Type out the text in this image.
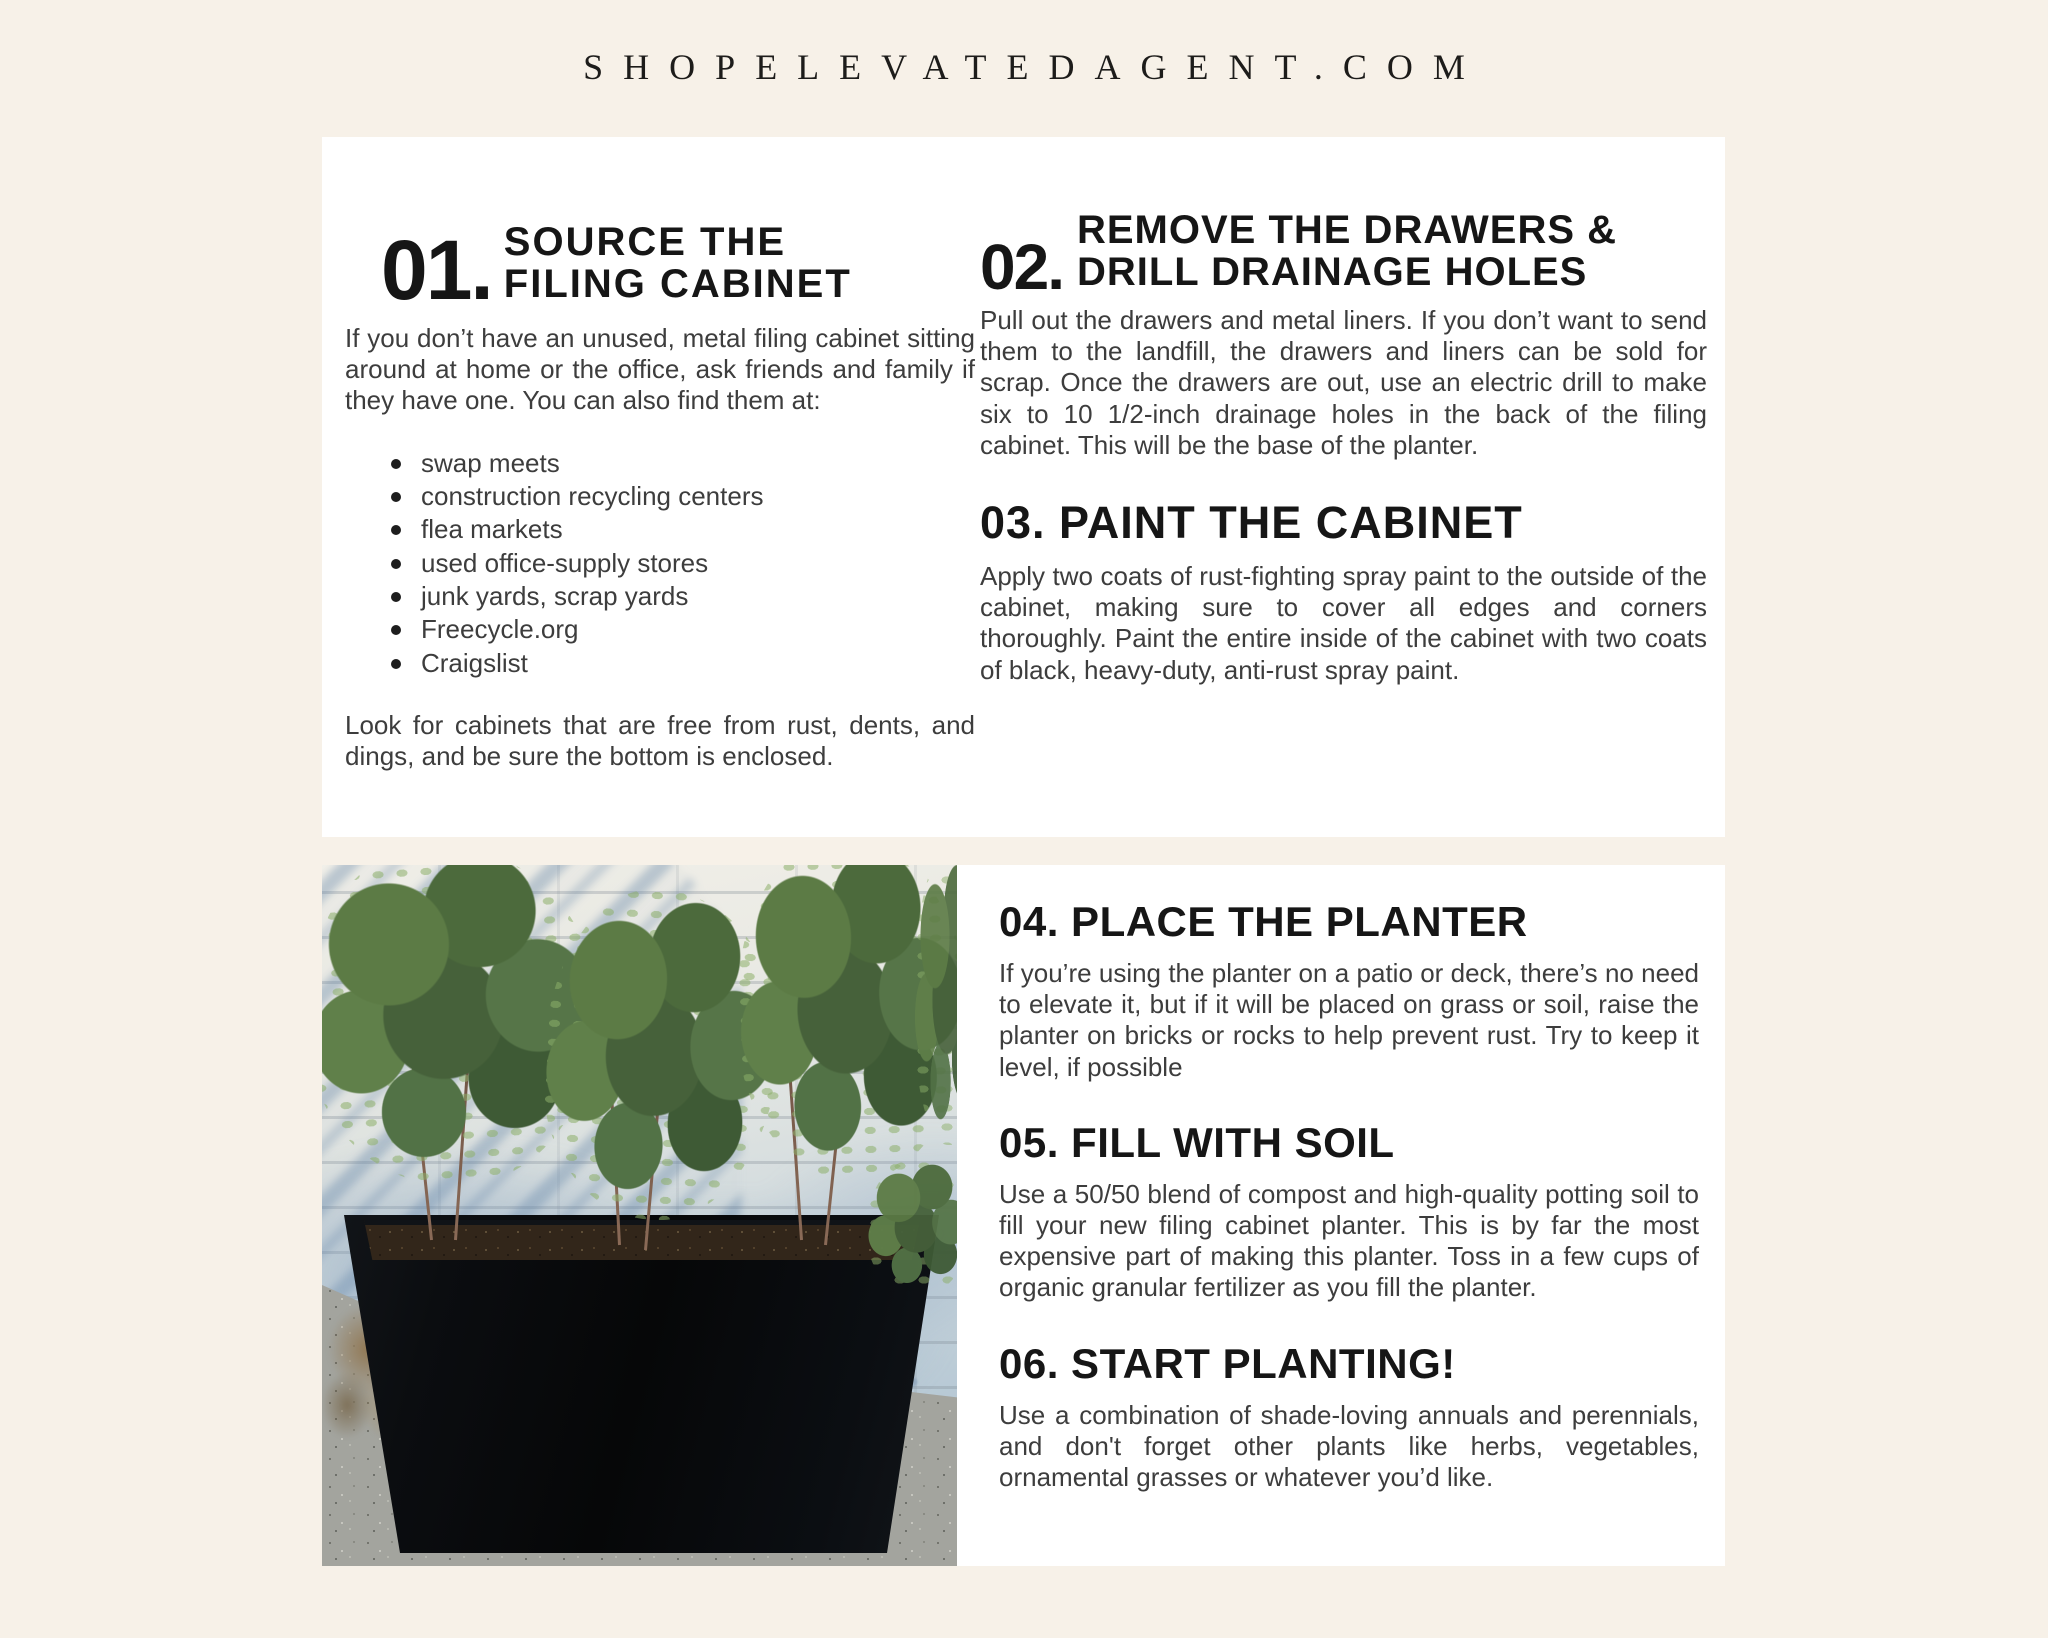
SHOPELEVATEDAGENT.COM
01. SOURCE THE
FILING CABINET

If you don’t have an unused, metal filing cabinet sitting around at home or the office, ask friends and family if they have one. You can also find them at:

swap meets
construction recycling centers
flea markets
used office-supply stores
junk yards, scrap yards
Freecycle.org
Craigslist

Look for cabinets that are free from rust, dents, and dings, and be sure the bottom is enclosed.

02.
REMOVE THE DRAWERS &
DRILL DRAINAGE HOLES

Pull out the drawers and metal liners. If you don’t want to send them to the landfill, the drawers and liners can be sold for scrap. Once the drawers are out, use an electric drill to make six to 10 1/2-inch drainage holes in the back of the filing cabinet. This will be the base of the planter.

03. PAINT THE CABINET

Apply two coats of rust-fighting spray paint to the outside of the cabinet, making sure to cover all edges and corners thoroughly. Paint the entire inside of the cabinet with two coats of black, heavy-duty, anti-rust spray paint.

04. PLACE THE PLANTER

If you’re using the planter on a patio or deck, there’s no need to elevate it, but if it will be placed on grass or soil, raise the planter on bricks or rocks to help prevent rust. Try to keep it level, if possible

05. FILL WITH SOIL

Use a 50/50 blend of compost and high-quality potting soil to fill your new filing cabinet planter. This is by far the most expensive part of making this planter. Toss in a few cups of organic granular fertilizer as you fill the planter.

06. START PLANTING!

Use a combination of shade-loving annuals and perennials, and don't forget other plants like herbs, vegetables, ornamental grasses or whatever you’d like.
